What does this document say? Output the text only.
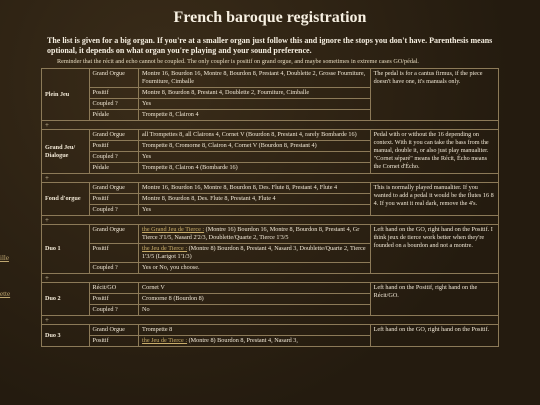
ille
ette
French baroque registration
The list is given for a big organ. If you're at a smaller organ just follow this and ignore the stops you don't have. Parenthesis means optional, it depends on what organ you're playing and your sound preference.
Reminder that the récit and echo cannot be coupled. The only coupler is positif on grand orgue, and maybe sometimes in extreme cases GO/pédal.
Plein Jeu	Grand Orgue	Montre 16, Bourdon 16, Montre 8, Bourdon 8, Prestant 4, Doublette 2, Grosse Fourniture, Fourniture, Cimballe	The pedal is for a cantus firmus, if the piece doesn't have one, it's manuals only.
	Positif	Montre 8, Bourdon 8, Prestant 4, Doublette 2, Fourniture, Cimballe	
	Coupled ?	Yes	
	Pédale	Trompette 8, Clairon 4	
+			
Grand Jeu/ Dialogue	Grand Orgue	all Trompettes 8, all Clairons 4, Cornet V (Bourdon 8, Prestant 4, rarely Bombarde 16)	Pedal with or without the 16 depending on context. With it you can take the bass from the manual, double it, or also just play manualiter. "Cornet séparé" means the Récit, Écho means the Cornet d'Écho.
	Positif	Trompette 8, Cromorne 8, Clairon 4, Cornet V (Bourdon 8, Prestant 4)	
	Coupled ?	Yes	
	Pédale	Trompette 8, Clairon 4 (Bombarde 16)	
+			
Fond d'orgue	Grand Orgue	Montre 16, Bourdon 16, Montre 8, Bourdon 8, Des. Flute 8, Prestant 4, Flute 4	This is normally played manualiter. If you wanted to add a pedal it would be the flutes 16 8 4. If you want it real dark, remove the 4's.
	Positif	Montre 8, Bourdon 8, Des. Flute 8, Prestant 4, Flute 4	
	Coupled ?	Yes	
+			
Duo 1	Grand Orgue	the Grand Jeu de Tierce : (Montre 16) Bourdon 16, Montre 8, Bourdon 8, Prestant 4, Gr Tierce 3'1/5, Nasard 2'2/3, Doublette/Quarte 2, Tierce 1'3/5	Left hand on the GO, right hand on the Positif. I think jeux de tierce work better when they're founded on a bourdon and not a montre.
	Positif	the Jeu de Tierce : (Montre 8) Bourdon 8, Prestant 4, Nasard 3, Doublette/Quarte 2, Tierce 1'3/5 (Larigot 1'1/3)	
	Coupled ?	Yes or No, you choose.	
+			
Duo 2	Récit/GO	Cornet V	Left hand on the Positif, right hand on the Récit/GO.
	Positif	Cromorne 8 (Bourdon 8)	
	Coupled ?	No	
+			
Duo 3	Grand Orgue	Trompette 8	Left hand on the GO, right hand on the Positif.
	Positif	the Jeu de Tierce : (Montre 8) Bourdon 8, Prestant 4, Nasard 3,	
